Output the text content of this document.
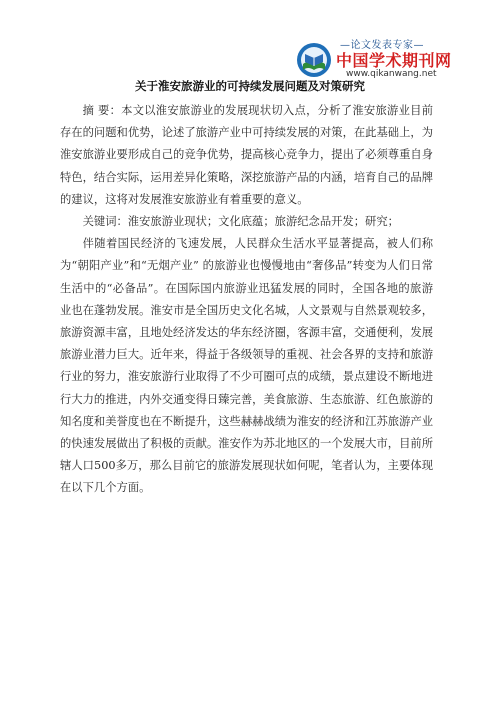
—论文发表专家—
中国学术期刊网
www.qikanwang.net
关于淮安旅游业的可持续发展问题及对策研究

摘 要：本文以淮安旅游业的发展现状切入点，分析了淮安旅游业目前存在的问题和优势，论述了旅游产业中可持续发展的对策，在此基础上，为淮安旅游业要形成自己的竞争优势，提高核心竞争力，提出了必须尊重自身特色，结合实际，运用差异化策略，深挖旅游产品的内涵，培育自己的品牌的建议，这将对发展淮安旅游业有着重要的意义。

关键词：淮安旅游业现状；文化底蕴；旅游纪念品开发；研究；

伴随着国民经济的飞速发展，人民群众生活水平显著提高，被人们称为“朝阳产业”和“无烟产业” 的旅游业也慢慢地由“奢侈品”转变为人们日常生活中的“必备品”。在国际国内旅游业迅猛发展的同时，全国各地的旅游业也在蓬勃发展。淮安市是全国历史文化名城，人文景观与自然景观较多，旅游资源丰富，且地处经济发达的华东经济圈，客源丰富，交通便利，发展旅游业潜力巨大。近年来，得益于各级领导的重视、社会各界的支持和旅游行业的努力，淮安旅游行业取得了不少可圈可点的成绩，景点建设不断地进行大力的推进，内外交通变得日臻完善，美食旅游、生态旅游、红色旅游的知名度和美誉度也在不断提升，这些赫赫战绩为淮安的经济和江苏旅游产业的快速发展做出了积极的贡献。淮安作为苏北地区的一个发展大市，目前所辖人口500多万，那么目前它的旅游发展现状如何呢，笔者认为，主要体现在以下几个方面。
